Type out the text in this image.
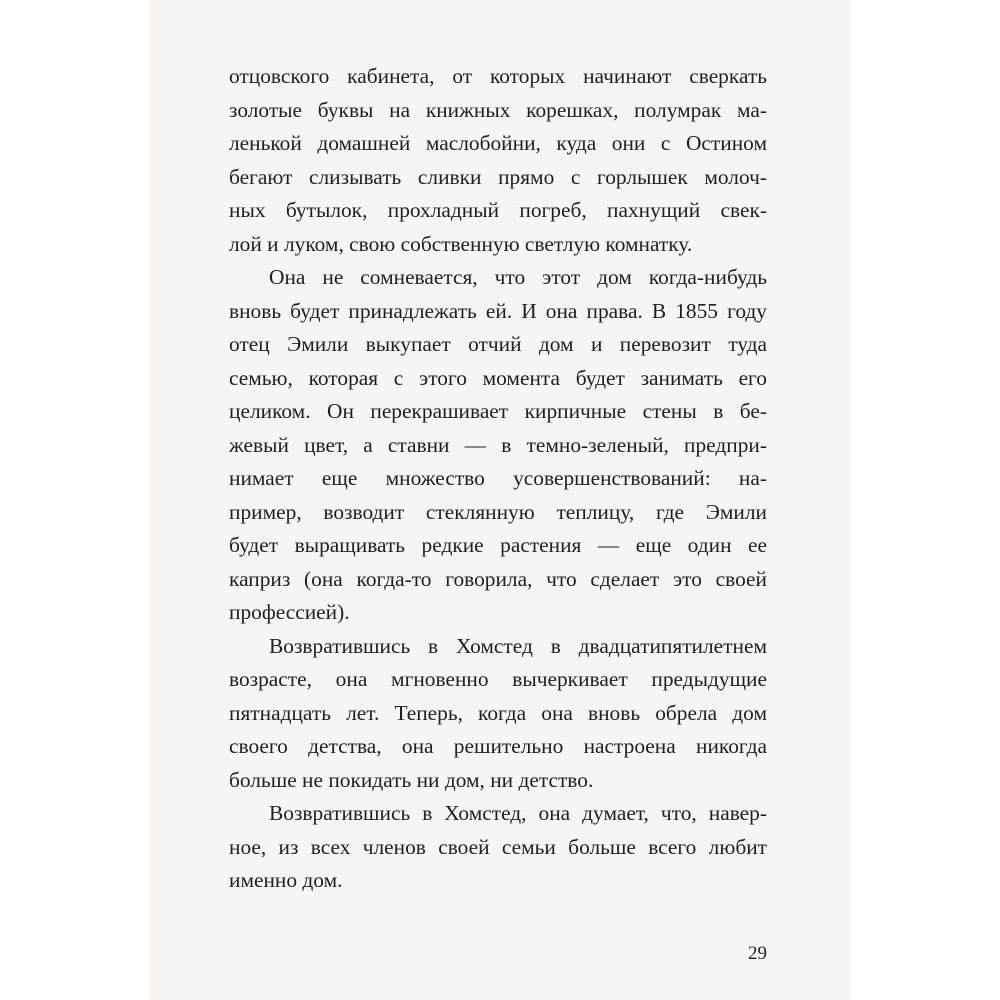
отцовского кабинета, от которых начинают сверкать
золотые буквы на книжных корешках, полумрак ма-
ленькой домашней маслобойни, куда они с Остином
бегают слизывать сливки прямо с горлышек молоч-
ных бутылок, прохладный погреб, пахнущий свек-
лой и луком, свою собственную светлую комнатку.
Она не сомневается, что этот дом когда-нибудь
вновь будет принадлежать ей. И она права. В 1855 году
отец Эмили выкупает отчий дом и перевозит туда
семью, которая с этого момента будет занимать его
целиком. Он перекрашивает кирпичные стены в бе-
жевый цвет, а ставни — в темно-зеленый, предпри-
нимает еще множество усовершенствований: на-
пример, возводит стеклянную теплицу, где Эмили
будет выращивать редкие растения — еще один ее
каприз (она когда-то говорила, что сделает это своей
профессией).
Возвратившись в Хомстед в двадцатипятилетнем
возрасте, она мгновенно вычеркивает предыдущие
пятнадцать лет. Теперь, когда она вновь обрела дом
своего детства, она решительно настроена никогда
больше не покидать ни дом, ни детство.
Возвратившись в Хомстед, она думает, что, навер-
ное, из всех членов своей семьи больше всего любит
именно дом.
29
